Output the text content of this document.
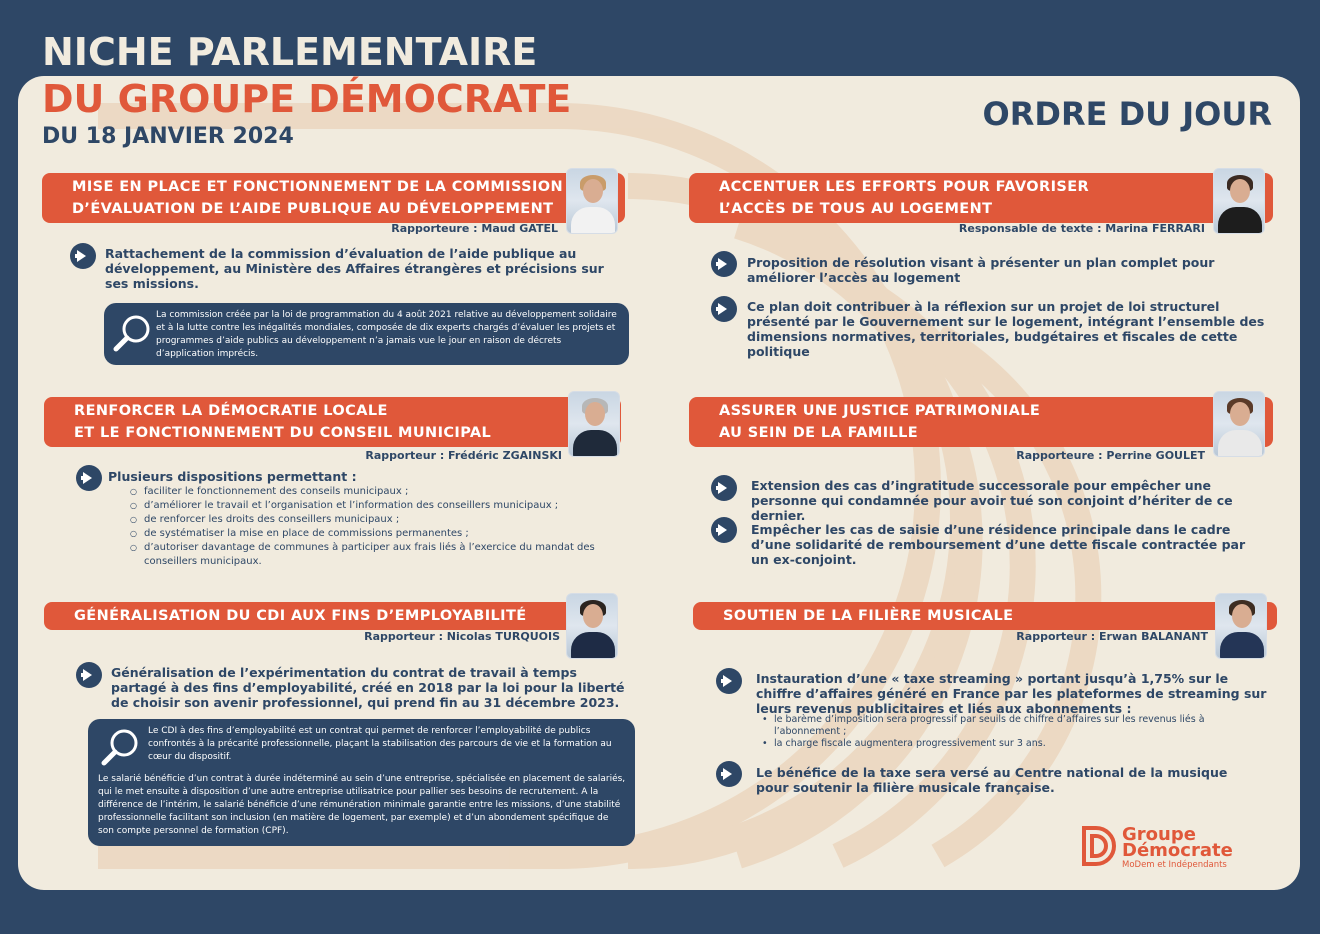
NICHE PARLEMENTAIRE
DU GROUPE DÉMOCRATE
DU 18 JANVIER 2024
ORDRE DU JOUR
MISE EN PLACE ET FONCTIONNEMENT DE LA COMMISSION
D’ÉVALUATION DE L’AIDE PUBLIQUE AU DÉVELOPPEMENT
Rapporteure : Maud GATEL
Rattachement de la commission d’évaluation de l’aide publique au développement, au Ministère des Affaires étrangères et précisions sur ses missions.
La commission créée par la loi de programmation du 4 août 2021 relative au développement solidaire et à la lutte contre les inégalités mondiales, composée de dix experts chargés d’évaluer les projets et programmes d’aide publics au développement n’a jamais vue le jour en raison de décrets d’application imprécis.
ACCENTUER LES EFFORTS POUR FAVORISER
L’ACCÈS DE TOUS AU LOGEMENT
Responsable de texte : Marina FERRARI
Proposition de résolution visant à présenter un plan complet pour améliorer l’accès au logement
Ce plan doit contribuer à la réflexion sur un projet de loi structurel présenté par le Gouvernement sur le logement, intégrant l’ensemble des dimensions normatives, territoriales, budgétaires et fiscales de cette politique
RENFORCER LA DÉMOCRATIE LOCALE
ET LE FONCTIONNEMENT DU CONSEIL MUNICIPAL
Rapporteur : Frédéric ZGAINSKI
Plusieurs dispositions permettant :
○ faciliter le fonctionnement des conseils municipaux ;
○ d’améliorer le travail et l’organisation et l’information des conseillers municipaux ;
○ de renforcer les droits des conseillers municipaux ;
○ de systématiser la mise en place de commissions permanentes ;
○ d’autoriser davantage de communes à participer aux frais liés à l’exercice du mandat des conseillers municipaux.
ASSURER UNE JUSTICE PATRIMONIALE
AU SEIN DE LA FAMILLE
Rapporteure : Perrine GOULET
Extension des cas d’ingratitude successorale pour empêcher une personne qui condamnée pour avoir tué son conjoint d’hériter de ce dernier.
Empêcher les cas de saisie d’une résidence principale dans le cadre d’une solidarité de remboursement d’une dette fiscale contractée par un ex-conjoint.
GÉNÉRALISATION DU CDI AUX FINS D’EMPLOYABILITÉ
Rapporteur : Nicolas TURQUOIS
Généralisation de l’expérimentation du contrat de travail à temps partagé à des fins d’employabilité, créé en 2018 par la loi pour la liberté de choisir son avenir professionnel, qui prend fin au 31 décembre 2023.
Le CDI à des fins d’employabilité est un contrat qui permet de renforcer l’employabilité de publics confrontés à la précarité professionnelle, plaçant la stabilisation des parcours de vie et la formation au cœur du dispositif.
Le salarié bénéficie d’un contrat à durée indéterminé au sein d’une entreprise, spécialisée en placement de salariés, qui le met ensuite à disposition d’une autre entreprise utilisatrice pour pallier ses besoins de recrutement. A la différence de l’intérim, le salarié bénéficie d’une rémunération minimale garantie entre les missions, d’une stabilité professionnelle facilitant son inclusion (en matière de logement, par exemple) et d’un abondement spécifique de son compte personnel de formation (CPF).
SOUTIEN DE LA FILIÈRE MUSICALE
Rapporteur : Erwan BALANANT
Instauration d’une « taxe streaming » portant jusqu’à 1,75% sur le chiffre d’affaires généré en France par les plateformes de streaming sur leurs revenus publicitaires et liés aux abonnements :
• le barème d’imposition sera progressif par seuils de chiffre d’affaires sur les revenus liés à l’abonnement ;
• la charge fiscale augmentera progressivement sur 3 ans.
Le bénéfice de la taxe sera versé au Centre national de la musique pour soutenir la filière musicale française.
Groupe
Démocrate
MoDem et Indépendants
